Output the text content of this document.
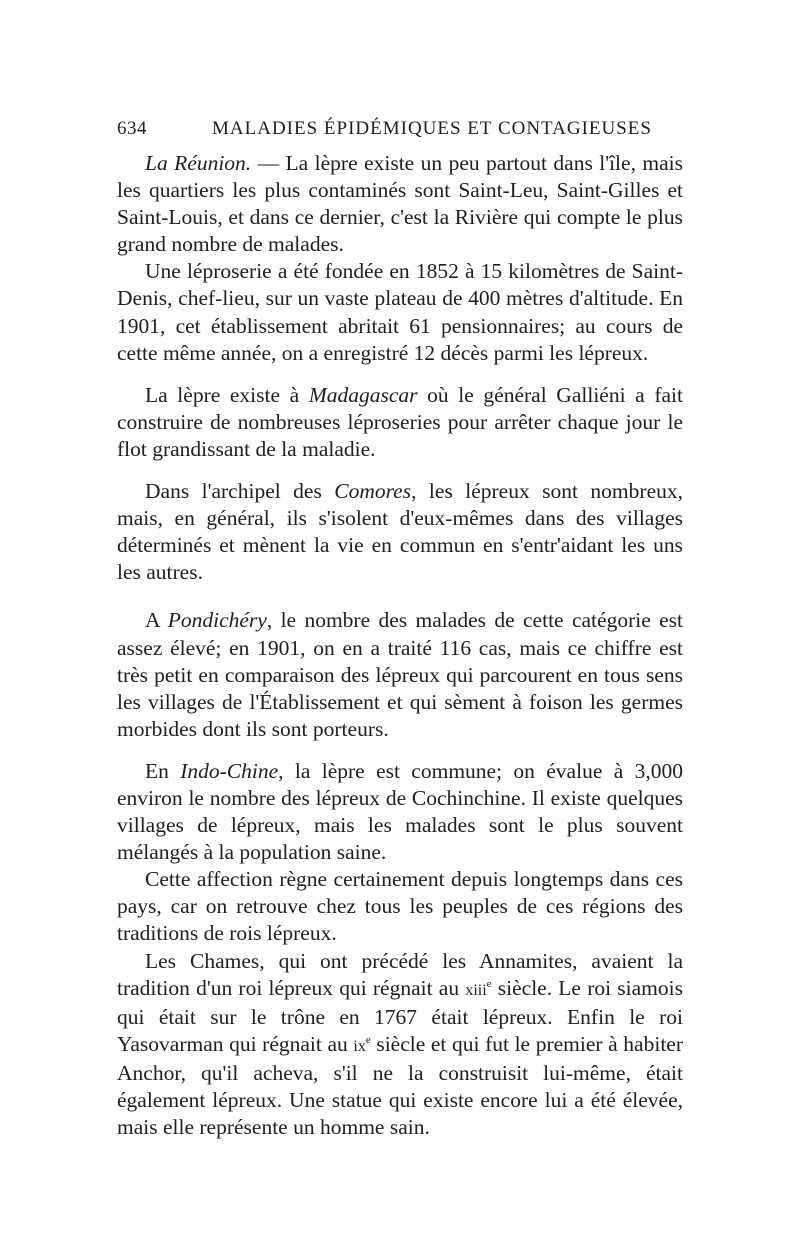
634	MALADIES ÉPIDÉMIQUES ET CONTAGIEUSES

La Réunion. — La lèpre existe un peu partout dans l'île, mais les quartiers les plus contaminés sont Saint-Leu, Saint-Gilles et Saint-Louis, et dans ce dernier, c'est la Rivière qui compte le plus grand nombre de malades.

Une léproserie a été fondée en 1852 à 15 kilomètres de Saint-Denis, chef-lieu, sur un vaste plateau de 400 mètres d'altitude. En 1901, cet établissement abritait 61 pensionnaires; au cours de cette même année, on a enregistré 12 décès parmi les lépreux.

La lèpre existe à Madagascar où le général Galliéni a fait construire de nombreuses léproseries pour arrêter chaque jour le flot grandissant de la maladie.

Dans l'archipel des Comores, les lépreux sont nombreux, mais, en général, ils s'isolent d'eux-mêmes dans des villages déterminés et mènent la vie en commun en s'entr'aidant les uns les autres.

A Pondichéry, le nombre des malades de cette catégorie est assez élevé; en 1901, on en a traité 116 cas, mais ce chiffre est très petit en comparaison des lépreux qui parcourent en tous sens les villages de l'Établissement et qui sèment à foison les germes morbides dont ils sont porteurs.

En Indo-Chine, la lèpre est commune; on évalue à 3,000 environ le nombre des lépreux de Cochinchine. Il existe quelques villages de lépreux, mais les malades sont le plus souvent mélangés à la population saine.

Cette affection règne certainement depuis longtemps dans ces pays, car on retrouve chez tous les peuples de ces régions des traditions de rois lépreux.

Les Chames, qui ont précédé les Annamites, avaient la tradition d'un roi lépreux qui régnait au xiii$^e$ siècle. Le roi siamois qui était sur le trône en 1767 était lépreux. Enfin le roi Yasovarman qui régnait au $ix^e$ siècle et qui fut le premier à habiter Anchor, qu'il acheva, s'il ne la construisit lui-même, était également lépreux. Une statue qui existe encore lui a été élevée, mais elle représente un homme sain.
